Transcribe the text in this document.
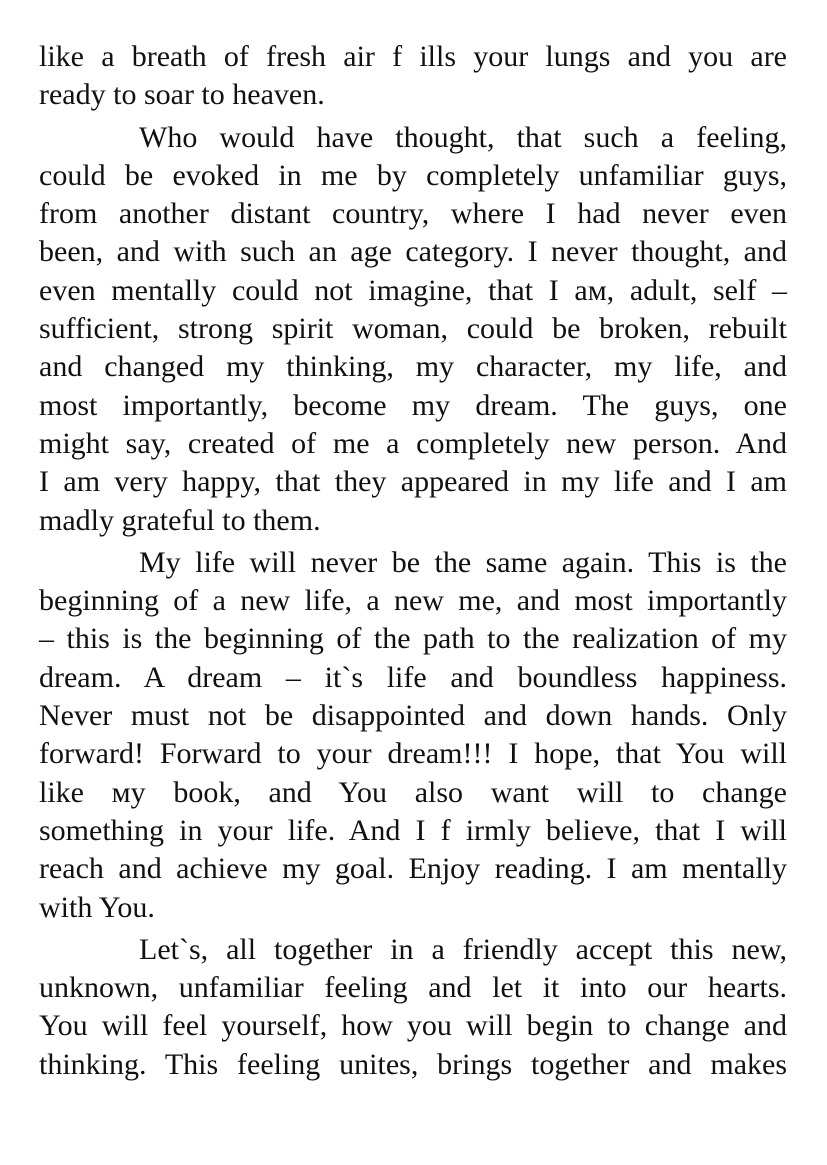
like a breath of fresh air f ills your lungs and you are
ready to soar to heaven.
Who would have thought, that such a feeling,
could be evoked in me by completely unfamiliar guys,
from another distant country, where I had never even
been, and with such an age category. I never thought, and
even mentally could not imagine, that I aм, adult, self –
sufficient, strong spirit woman, could be broken, rebuilt
and changed my thinking, my character, my life, and
most importantly, become my dream. The guys, one
might say, created of me a completely new person. And
I am very happy, that they appeared in my life and I am
madly grateful to them.
My life will never be the same again. This is the
beginning of a new life, a new me, and most importantly
– this is the beginning of the path to the realization of my
dream. A dream – it`s life and boundless happiness.
Never must not be disappointed and down hands. Only
forward! Forward to your dream!!! I hope, that You will
like мy book, and You also want will to change
something in your life. And I f irmly believe, that I will
reach and achieve my goal. Enjoy reading. I am mentally
with You.
Let`s, all together in a friendly accept this new,
unknown, unfamiliar feeling and let it into our hearts.
You will feel yourself, how you will begin to change and
thinking. This feeling unites, brings together and makes
